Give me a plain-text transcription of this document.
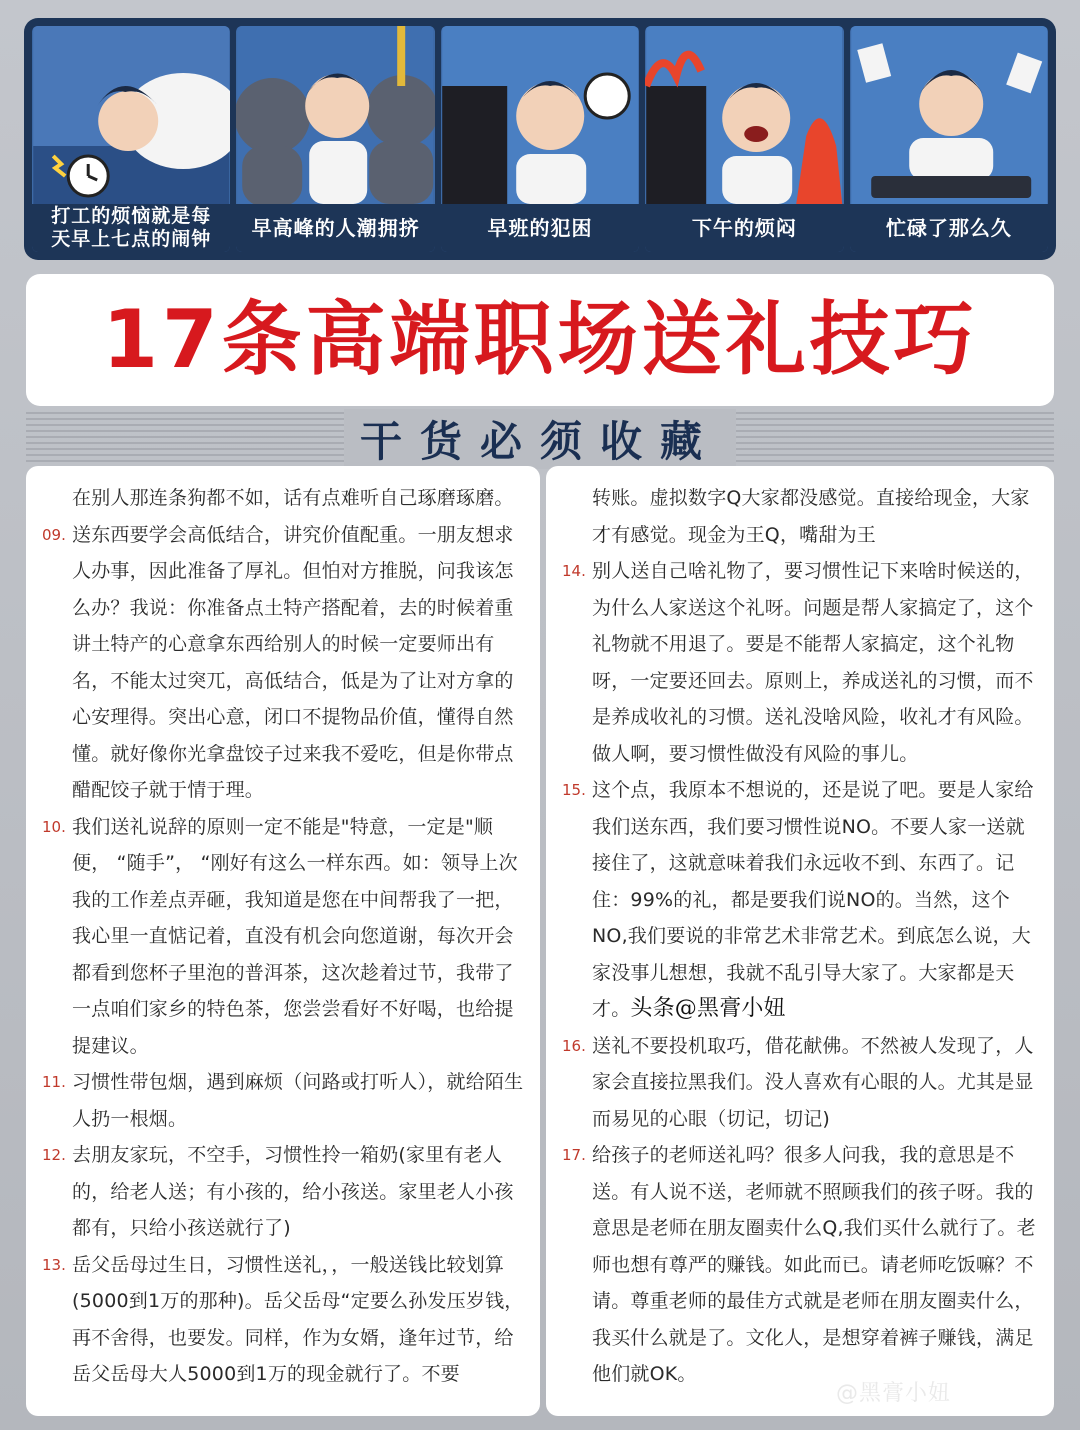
打工的烦恼就是每
天早上七点的闹钟	早高峰的人潮拥挤	早班的犯困	下午的烦闷	忙碌了那么久
17条高端职场送礼技巧
干货必须收藏
在别人那连条狗都不如，话有点难听自己琢磨琢磨。
09. 送东西要学会高低结合，讲究价值配重。一朋友想求人办事，因此准备了厚礼。但怕对方推脱，问我该怎么办？我说：你准备点土特产搭配着，去的时候着重讲土特产的心意拿东西给别人的时候一定要师出有名，不能太过突兀，高低结合，低是为了让对方拿的心安理得。突出心意，闭口不提物品价值，懂得自然懂。就好像你光拿盘饺子过来我不爱吃，但是你带点醋配饺子就于情于理。
10. 我们送礼说辞的原则一定不能是"特意，一定是"顺便， “随手”， “刚好有这么一样东西。如：领导上次我的工作差点弄砸，我知道是您在中间帮我了一把，我心里一直惦记着，直没有机会向您道谢，每次开会都看到您杯子里泡的普洱茶，这次趁着过节，我带了一点咱们家乡的特色茶，您尝尝看好不好喝，也给提提建议。
11. 习惯性带包烟，遇到麻烦（问路或打听人），就给陌生人扔一根烟。
12. 去朋友家玩，不空手，习惯性拎一箱奶(家里有老人的，给老人送；有小孩的，给小孩送。家里老人小孩都有，只给小孩送就行了)
13. 岳父岳母过生日，习惯性送礼，，一般送钱比较划算(5000到1万的那种)。岳父岳母“定要么孙发压岁钱，再不舍得，也要发。同样，作为女婿，逢年过节，给岳父岳母大人5000到1万的现金就行了。不要
转账。虚拟数字Q大家都没感觉。直接给现金，大家才有感觉。现金为王Q，嘴甜为王
14. 别人送自己啥礼物了，要习惯性记下来啥时候送的，为什么人家送这个礼呀。问题是帮人家搞定了，这个礼物就不用退了。要是不能帮人家搞定，这个礼物呀，一定要还回去。原则上，养成送礼的习惯，而不是养成收礼的习惯。送礼没啥风险，收礼才有风险。做人啊，要习惯性做没有风险的事儿。
15. 这个点，我原本不想说的，还是说了吧。要是人家给我们送东西，我们要习惯性说NO。不要人家一送就接住了，这就意味着我们永远收不到、东西了。记住：99%的礼，都是要我们说NO的。当然，这个NO,我们要说的非常艺术非常艺术。到底怎么说，大家没事儿想想，我就不乱引导大家了。大家都是天才。头条@黑膏小妞
16. 送礼不要投机取巧，借花献佛。不然被人发现了，人家会直接拉黑我们。没人喜欢有心眼的人。尤其是显而易见的心眼（切记，切记)
17. 给孩子的老师送礼吗？很多人问我，我的意思是不送。有人说不送，老师就不照顾我们的孩子呀。我的意思是老师在朋友圈卖什么Q,我们买什么就行了。老师也想有尊严的赚钱。如此而已。请老师吃饭嘛？不请。尊重老师的最佳方式就是老师在朋友圈卖什么，我买什么就是了。文化人，是想穿着裤子赚钱，满足他们就OK。
@黑膏小妞
